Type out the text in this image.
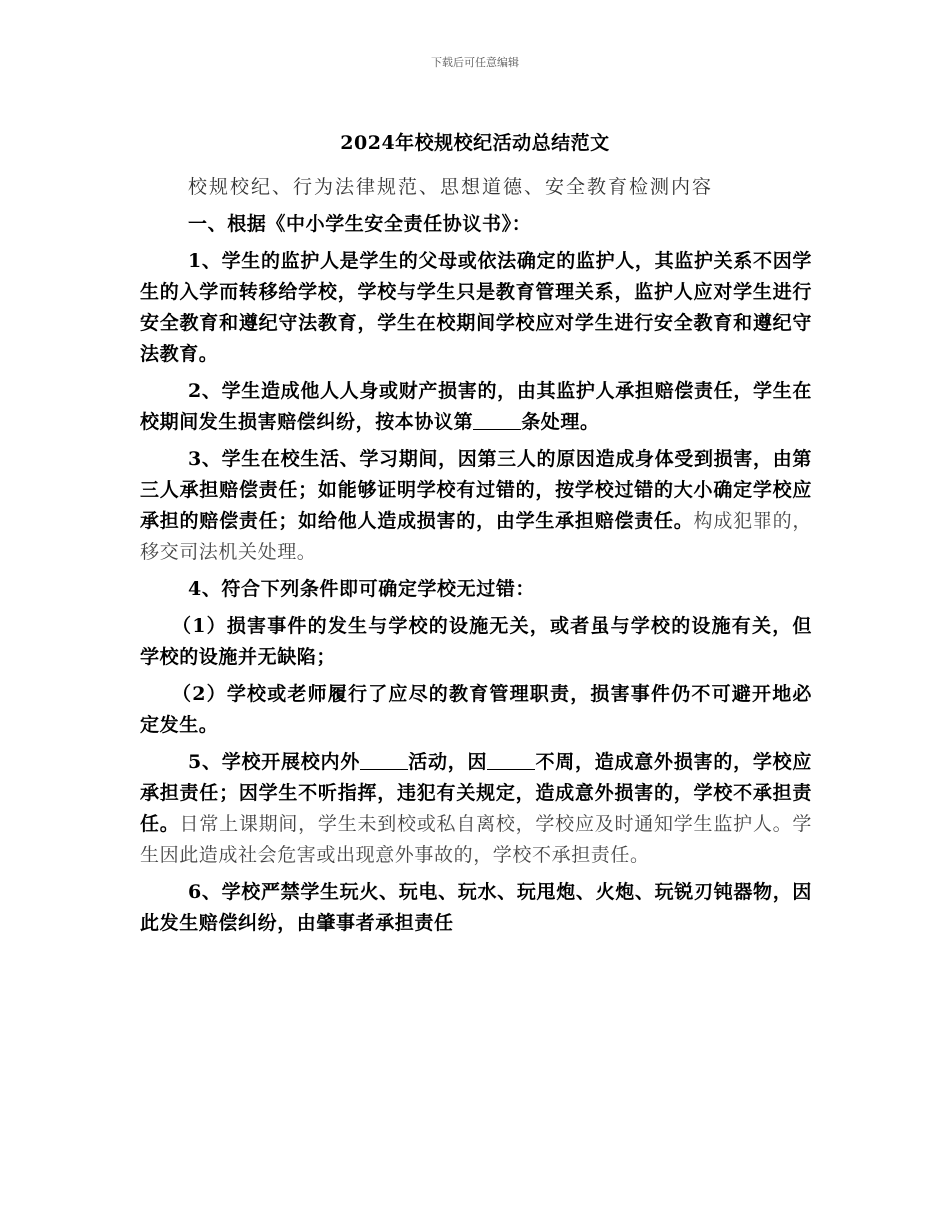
下载后可任意编辑
2024年校规校纪活动总结范文

校规校纪、行为法律规范、思想道德、安全教育检测内容

一、根据《中小学生安全责任协议书》：

1、学生的监护人是学生的父母或依法确定的监护人，其监护关系不因学生的入学而转移给学校，学校与学生只是教育管理关系，监护人应对学生进行安全教育和遵纪守法教育，学生在校期间学校应对学生进行安全教育和遵纪守法教育。

2、学生造成他人人身或财产损害的，由其监护人承担赔偿责任，学生在校期间发生损害赔偿纠纷，按本协议第	条处理。

3、学生在校生活、学习期间，因第三人的原因造成身体受到损害，由第三人承担赔偿责任；如能够证明学校有过错的，按学校过错的大小确定学校应承担的赔偿责任；如给他人造成损害的，由学生承担赔偿责任。构成犯罪的，移交司法机关处理。

4、符合下列条件即可确定学校无过错：

（1）损害事件的发生与学校的设施无关，或者虽与学校的设施有关，但学校的设施并无缺陷；

（2）学校或老师履行了应尽的教育管理职责，损害事件仍不可避开地必定发生。

5、学校开展校内外	活动，因	不周，造成意外损害的，学校应承担责任；因学生不听指挥，违犯有关规定，造成意外损害的，学校不承担责任。日常上课期间，学生未到校或私自离校，学校应及时通知学生监护人。学生因此造成社会危害或出现意外事故的，学校不承担责任。

6、学校严禁学生玩火、玩电、玩水、玩甩炮、火炮、玩锐刃钝器物，因此发生赔偿纠纷，由肇事者承担责任
